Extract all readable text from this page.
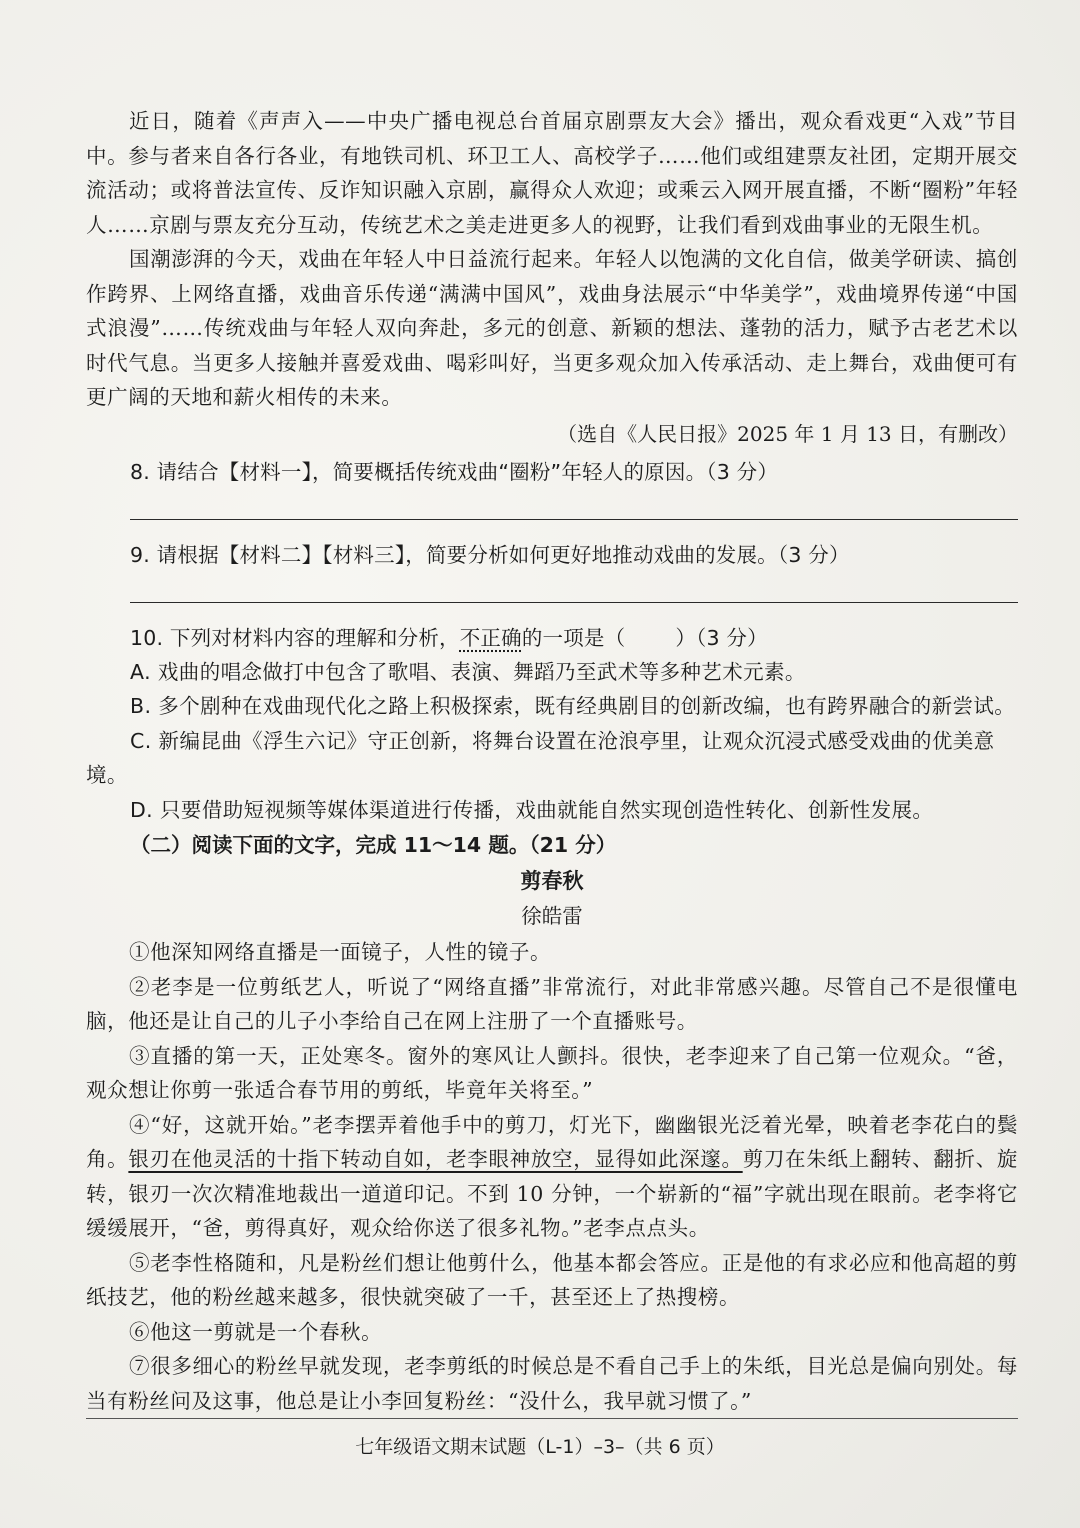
近日，随着《声声入——中央广播电视总台首届京剧票友大会》播出，观众看戏更“入戏”节目中。参与者来自各行各业，有地铁司机、环卫工人、高校学子……他们或组建票友社团，定期开展交流活动；或将普法宣传、反诈知识融入京剧，赢得众人欢迎；或乘云入网开展直播，不断“圈粉”年轻人……京剧与票友充分互动，传统艺术之美走进更多人的视野，让我们看到戏曲事业的无限生机。

国潮澎湃的今天，戏曲在年轻人中日益流行起来。年轻人以饱满的文化自信，做美学研读、搞创作跨界、上网络直播，戏曲音乐传递“满满中国风”，戏曲身法展示“中华美学”，戏曲境界传递“中国式浪漫”……传统戏曲与年轻人双向奔赴，多元的创意、新颖的想法、蓬勃的活力，赋予古老艺术以时代气息。当更多人接触并喜爱戏曲、喝彩叫好，当更多观众加入传承活动、走上舞台，戏曲便可有更广阔的天地和薪火相传的未来。

（选自《人民日报》2025 年 1 月 13 日，有删改）

8. 请结合【材料一】，简要概括传统戏曲“圈粉”年轻人的原因。（3 分）

9. 请根据【材料二】【材料三】，简要分析如何更好地推动戏曲的发展。（3 分）

10. 下列对材料内容的理解和分析，不正确的一项是（ ）（3 分）

A. 戏曲的唱念做打中包含了歌唱、表演、舞蹈乃至武术等多种艺术元素。

B. 多个剧种在戏曲现代化之路上积极探索，既有经典剧目的创新改编，也有跨界融合的新尝试。

C. 新编昆曲《浮生六记》守正创新，将舞台设置在沧浪亭里，让观众沉浸式感受戏曲的优美意境。

D. 只要借助短视频等媒体渠道进行传播，戏曲就能自然实现创造性转化、创新性发展。

（二）阅读下面的文字，完成 11～14 题。（21 分）

剪春秋

徐皓雷

①他深知网络直播是一面镜子，人性的镜子。

②老李是一位剪纸艺人，听说了“网络直播”非常流行，对此非常感兴趣。尽管自己不是很懂电脑，他还是让自己的儿子小李给自己在网上注册了一个直播账号。

③直播的第一天，正处寒冬。窗外的寒风让人颤抖。很快，老李迎来了自己第一位观众。“爸，观众想让你剪一张适合春节用的剪纸，毕竟年关将至。”

④“好，这就开始。”老李摆弄着他手中的剪刀，灯光下，幽幽银光泛着光晕，映着老李花白的鬓角。银刃在他灵活的十指下转动自如，老李眼神放空，显得如此深邃。剪刀在朱纸上翻转、翻折、旋转，银刃一次次精准地裁出一道道印记。不到 10 分钟，一个崭新的“福”字就出现在眼前。老李将它缓缓展开，“爸，剪得真好，观众给你送了很多礼物。”老李点点头。

⑤老李性格随和，凡是粉丝们想让他剪什么，他基本都会答应。正是他的有求必应和他高超的剪纸技艺，他的粉丝越来越多，很快就突破了一千，甚至还上了热搜榜。

⑥他这一剪就是一个春秋。

⑦很多细心的粉丝早就发现，老李剪纸的时候总是不看自己手上的朱纸，目光总是偏向别处。每当有粉丝问及这事，他总是让小李回复粉丝：“没什么，我早就习惯了。”

七年级语文期末试题（L-1）–3–（共 6 页）
